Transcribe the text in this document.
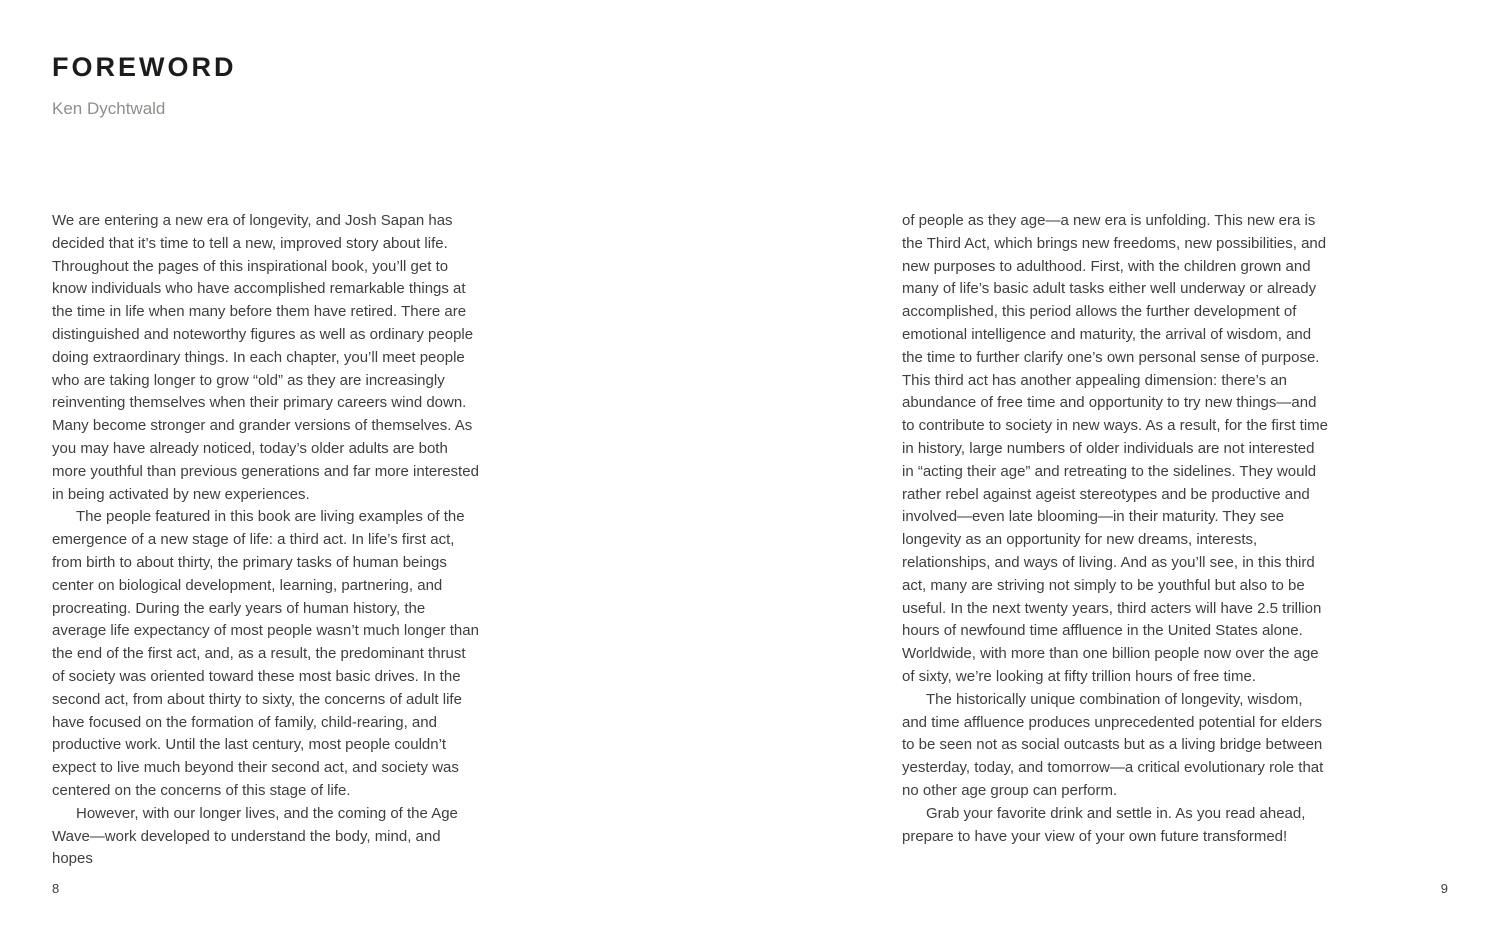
FOREWORD
Ken Dychtwald

We are entering a new era of longevity, and Josh Sapan has decided that it’s time to tell a new, improved story about life. Throughout the pages of this inspirational book, you’ll get to know individuals who have accomplished remarkable things at the time in life when many before them have retired. There are distinguished and noteworthy figures as well as ordinary people doing extraordinary things. In each chapter, you’ll meet people who are taking longer to grow “old” as they are increasingly reinventing themselves when their primary careers wind down. Many become stronger and grander versions of themselves. As you may have already noticed, today’s older adults are both more youthful than previous generations and far more interested in being activated by new experiences.

The people featured in this book are living examples of the emergence of a new stage of life: a third act. In life’s first act, from birth to about thirty, the primary tasks of human beings center on biological development, learning, partnering, and procreating. During the early years of human history, the average life expectancy of most people wasn’t much longer than the end of the first act, and, as a result, the predominant thrust of society was oriented toward these most basic drives. In the second act, from about thirty to sixty, the concerns of adult life have focused on the formation of family, child-rearing, and productive work. Until the last century, most people couldn’t expect to live much beyond their second act, and society was centered on the concerns of this stage of life.

However, with our longer lives, and the coming of the Age Wave—work developed to understand the body, mind, and hopes

of people as they age—a new era is unfolding. This new era is the Third Act, which brings new freedoms, new possibilities, and new purposes to adulthood. First, with the children grown and many of life’s basic adult tasks either well underway or already accomplished, this period allows the further development of emotional intelligence and maturity, the arrival of wisdom, and the time to further clarify one’s own personal sense of purpose. This third act has another appealing dimension: there’s an abundance of free time and opportunity to try new things—and to contribute to society in new ways. As a result, for the first time in history, large numbers of older individuals are not interested in “acting their age” and retreating to the sidelines. They would rather rebel against ageist stereotypes and be productive and involved—even late blooming—in their maturity. They see longevity as an opportunity for new dreams, interests, relationships, and ways of living. And as you’ll see, in this third act, many are striving not simply to be youthful but also to be useful. In the next twenty years, third acters will have 2.5 trillion hours of newfound time affluence in the United States alone. Worldwide, with more than one billion people now over the age of sixty, we’re looking at fifty trillion hours of free time.

The historically unique combination of longevity, wisdom, and time affluence produces unprecedented potential for elders to be seen not as social outcasts but as a living bridge between yesterday, today, and tomorrow—a critical evolutionary role that no other age group can perform.

Grab your favorite drink and settle in. As you read ahead, prepare to have your view of your own future transformed!

8	9
